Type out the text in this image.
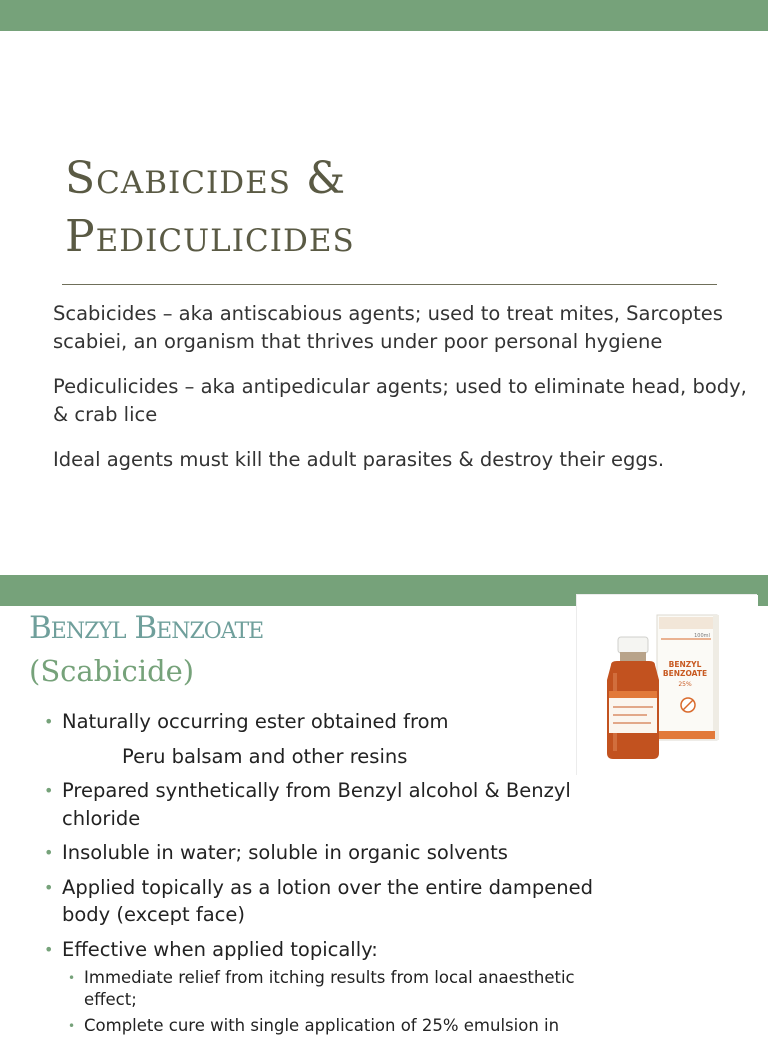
Scabicides &
Pediculicides

Scabicides – aka antiscabious agents; used to treat mites, Sarcoptes scabiei, an organism that thrives under poor personal hygiene

Pediculicides – aka antipedicular agents; used to eliminate head, body, & crab lice

Ideal agents must kill the adult parasites & destroy their eggs.

Benzyl Benzoate
(Scabicide)	BENZYL
BENZOATE
25%
100ml
• Naturally occurring ester obtained from
Peru balsam and other resins
• Prepared synthetically from Benzyl alcohol & Benzyl chloride
• Insoluble in water; soluble in organic solvents
• Applied topically as a lotion over the entire dampened body (except face)
• Effective when applied topically:
• Immediate relief from itching results from local anaesthetic effect;
• Complete cure with single application of 25% emulsion in
